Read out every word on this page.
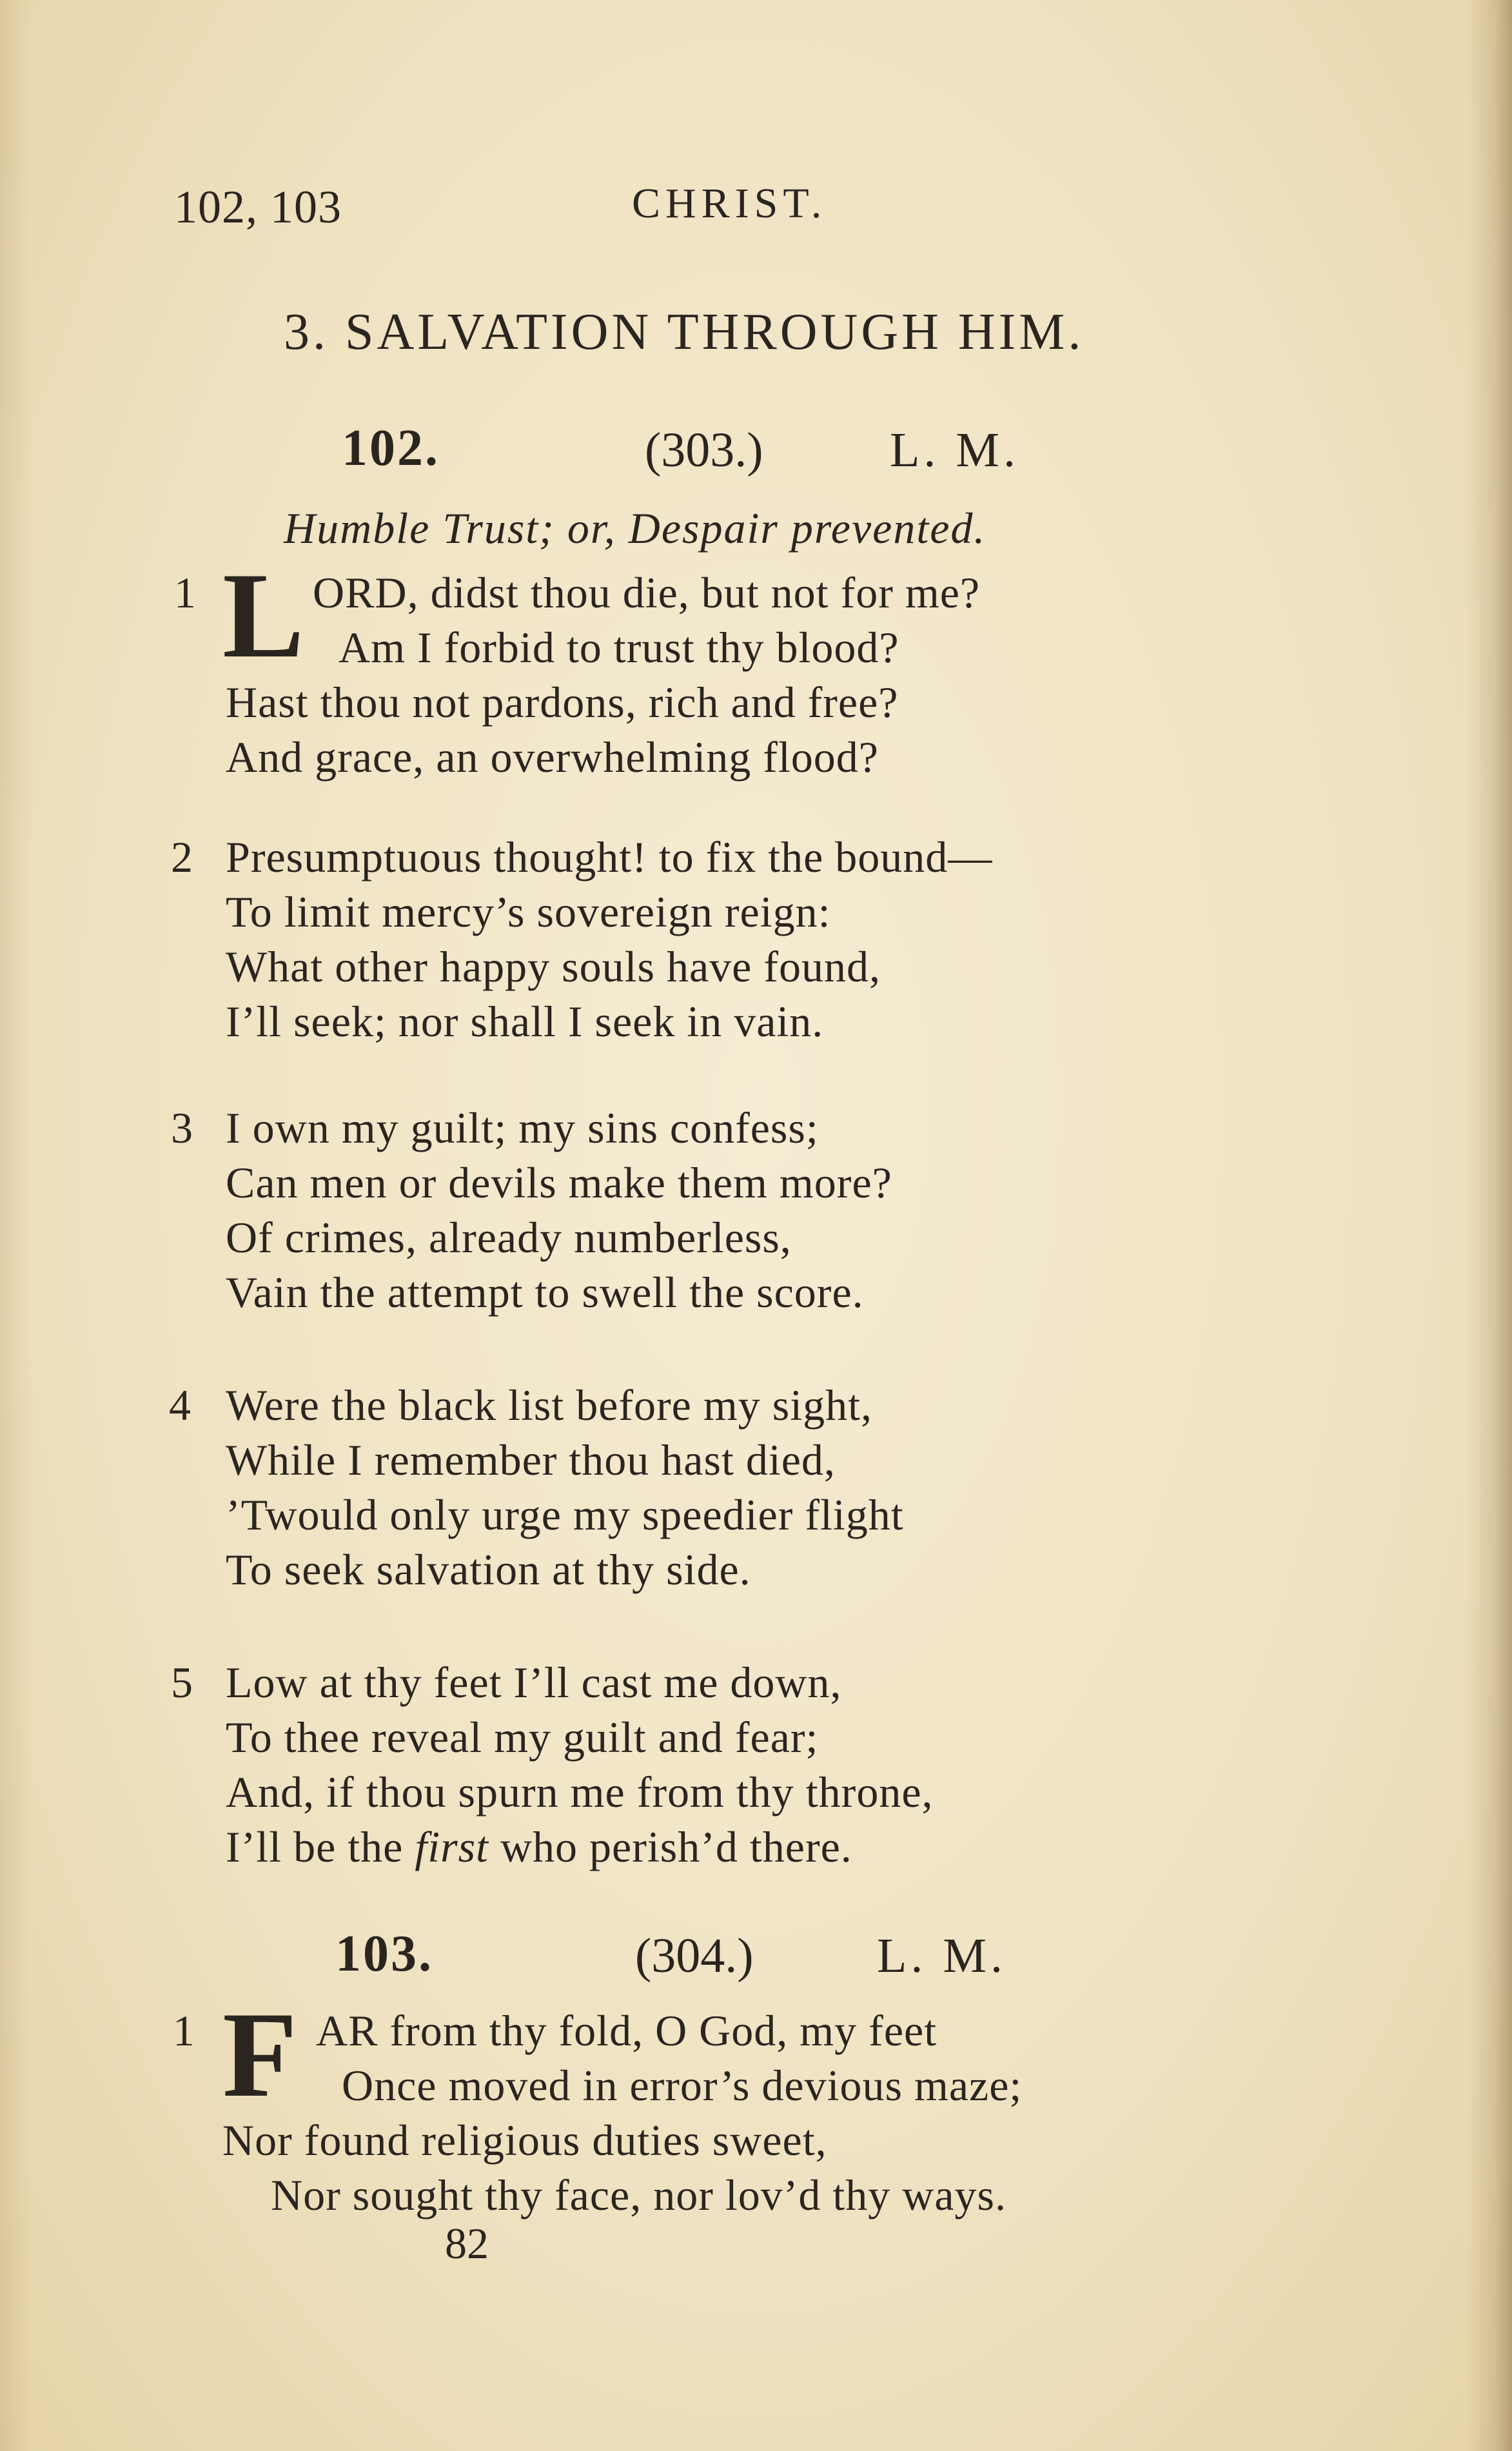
102, 103	CHRIST.
3. SALVATION THROUGH HIM.
102.	(303.)	L. M.
Humble Trust; or, Despair prevented.
1 L ORD, didst thou die, but not for me?
Am I forbid to trust thy blood?
Hast thou not pardons, rich and free?
And grace, an overwhelming flood?
2 Presumptuous thought! to fix the bound—
To limit mercy’s sovereign reign:
What other happy souls have found,
I’ll seek; nor shall I seek in vain.
3 I own my guilt; my sins confess;
Can men or devils make them more?
Of crimes, already numberless,
Vain the attempt to swell the score.
4 Were the black list before my sight,
While I remember thou hast died,
’Twould only urge my speedier flight
To seek salvation at thy side.
5 Low at thy feet I’ll cast me down,
To thee reveal my guilt and fear;
And, if thou spurn me from thy throne,
I’ll be the first who perish’d there.
103.	(304.)	L. M.
1 F AR from thy fold, O God, my feet
Once moved in error’s devious maze;
Nor found religious duties sweet,
Nor sought thy face, nor lov’d thy ways.
82
